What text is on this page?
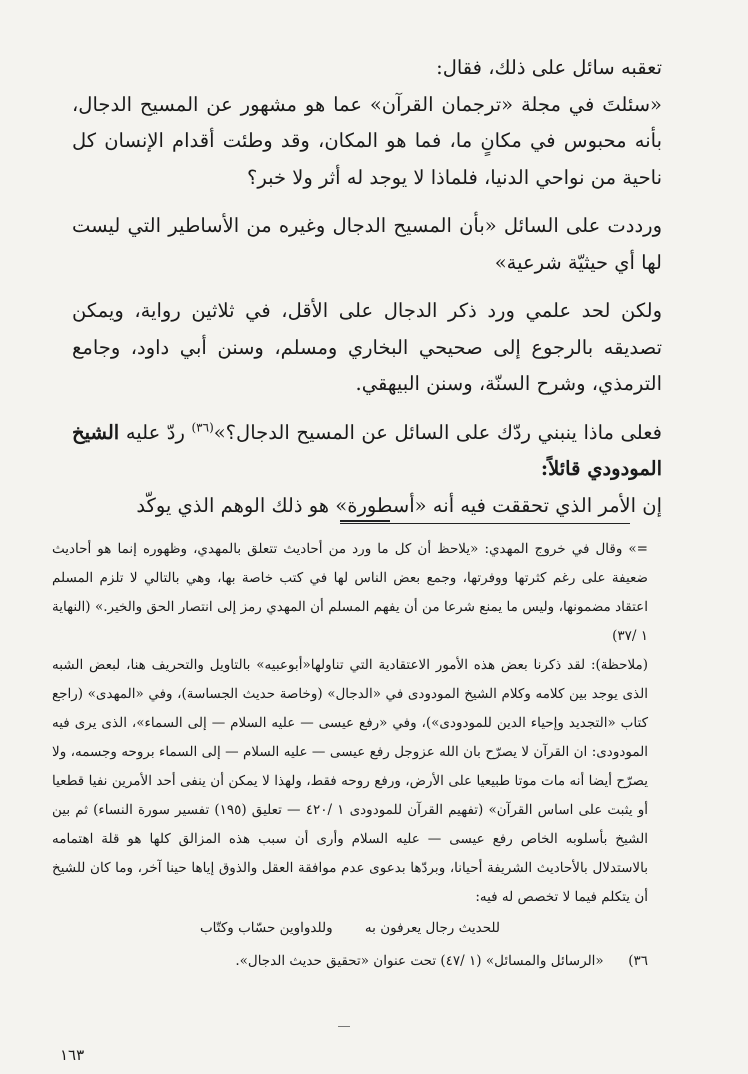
تعقبه سائل على ذلك، فقال:

«سئلتَ في مجلة «ترجمان القرآن» عما هو مشهور عن المسيح الدجال، بأنه محبوس في مكانٍ ما، فما هو المكان، وقد وطئت أقدام الإنسان كل ناحية من نواحي الدنيا، فلماذا لا يوجد له أثر ولا خبر؟

ورددت على السائل «بأن المسيح الدجال وغيره من الأساطير التي ليست لها أي حيثيّة شرعية»

ولكن لحد علمي ورد ذكر الدجال على الأقل، في ثلاثين رواية، ويمكن تصديقه بالرجوع إلى صحيحي البخاري ومسلم، وسنن أبي داود، وجامع الترمذي، وشرح السنّة، وسنن البيهقي.

فعلى ماذا ينبني ردّك على السائل عن المسيح الدجال؟»$^{(٣٦)}$ ردّ عليه الشيخ المودودي قائلاً:

إن الأمر الذي تحققت فيه أنه «أسطورة» هو ذلك الوهم الذي يوكّد

=» وقال في خروج المهدي: «يلاحظ أن كل ما ورد من أحاديث تتعلق بالمهدي، وظهوره إنما هو أحاديث ضعيفة على رغم كثرتها ووفرتها، وجمع بعض الناس لها في كتب خاصة بها، وهي بالتالي لا تلزم المسلم اعتقاد مضمونها، وليس ما يمنع شرعا من أن يفهم المسلم أن المهدي رمز إلى انتصار الحق والخير.» (النهاية ١ /٣٧)

(ملاحظة): لقد ذكرنا بعض هذه الأمور الاعتقادية التي تناولها«أبوعبيه» بالتاويل والتحريف هنا، لبعض الشبه الذى يوجد بين كلامه وكلام الشيخ المودودى في «الدجال» (وخاصة حديث الجساسة)، وفي «المهدى» (راجع كتاب «التجديد وإحياء الدين للمودودى»)، وفي «رفع عيسى — عليه السلام — إلى السماء»، الذى يرى فيه المودودى: ان القرآن لا يصرّح بان الله عزوجل رفع عيسى — عليه السلام — إلى السماء بروحه وجسمه، ولا يصرّح أيضا أنه مات موتا طبيعيا على الأرض، ورفع روحه فقط، ولهذا لا يمكن أن ينفى أحد الأمرين نفيا قطعيا أو يثبت على اساس القرآن» (تفهيم القرآن للمودودى ١ /٤٢٠ — تعليق (١٩٥) تفسير سورة النساء) ثم بين الشيخ بأسلوبه الخاص رفع عيسى — عليه السلام وأرى أن سبب هذه المزالق كلها هو قلة اهتمامه بالاستدلال بالأحاديث الشريفة أحيانا، وبردّها بدعوى عدم موافقة العقل والذوق إياها حينا آخر، وما كان للشيخ أن يتكلم فيما لا تخصص له فيه:

للحديث رجال يعرفون به وللدواوين حسّاب وكتّاب

٣٦) «الرسائل والمسائل» (١ /٤٧) تحت عنوان «تحقيق حديث الدجال».

١٦٣
